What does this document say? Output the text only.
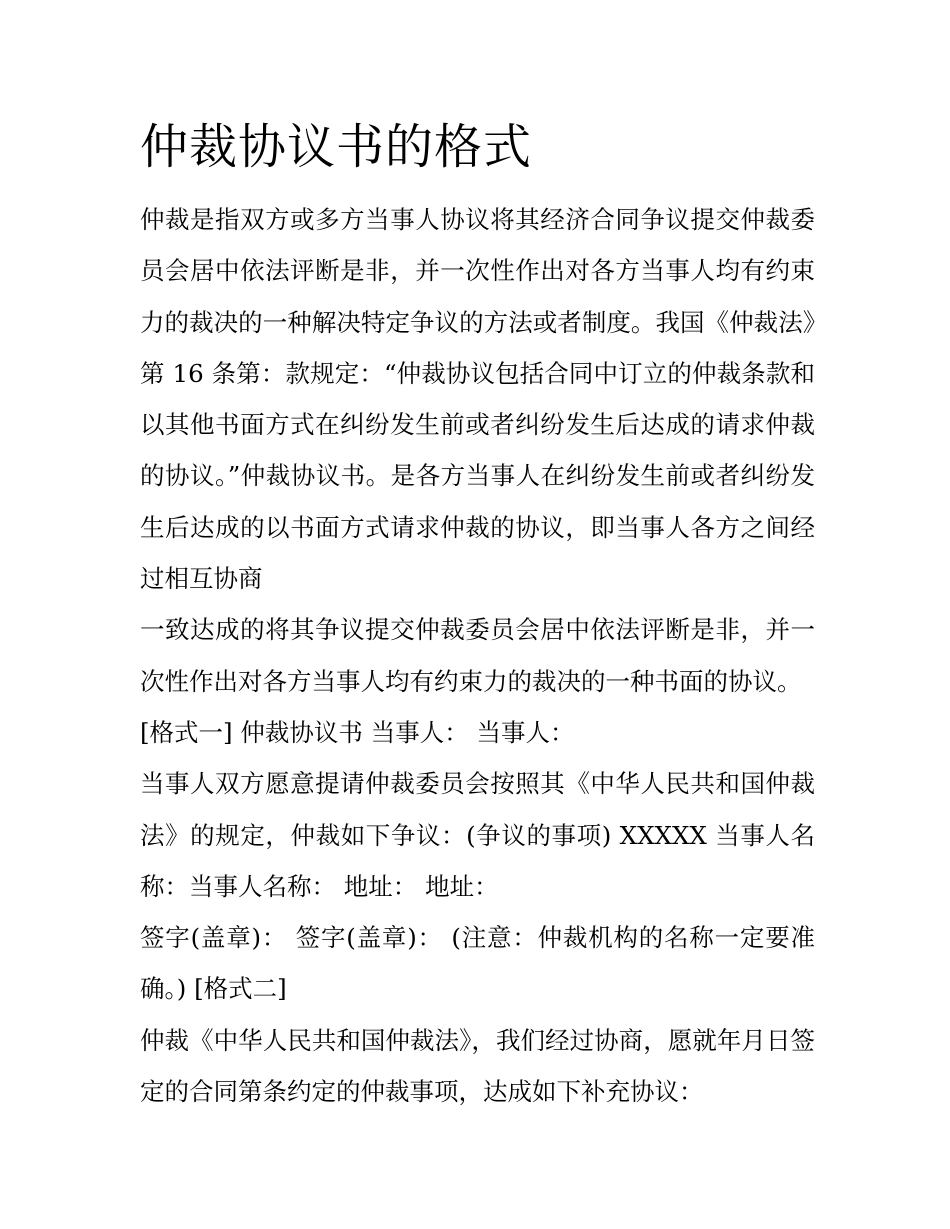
仲裁协议书的格式

仲裁是指双方或多方当事人协议将其经济合同争议提交仲裁委员会居中依法评断是非，并一次性作出对各方当事人均有约束力的裁决的一种解决特定争议的方法或者制度。我国《仲裁法》第 16 条第：款规定：“仲裁协议包括合同中订立的仲裁条款和以其他书面方式在纠纷发生前或者纠纷发生后达成的请求仲裁的协议。”仲裁协议书。是各方当事人在纠纷发生前或者纠纷发生后达成的以书面方式请求仲裁的协议，即当事人各方之间经过相互协商

一致达成的将其争议提交仲裁委员会居中依法评断是非，并一次性作出对各方当事人均有约束力的裁决的一种书面的协议。

[格式一] 仲裁协议书 当事人： 当事人：

当事人双方愿意提请仲裁委员会按照其《中华人民共和国仲裁法》的规定，仲裁如下争议：(争议的事项) XXXXX 当事人名称：当事人名称： 地址： 地址：

签字(盖章)： 签字(盖章)： (注意：仲裁机构的名称一定要准确。) [格式二]

仲裁《中华人民共和国仲裁法》，我们经过协商，愿就年月日签定的合同第条约定的仲裁事项，达成如下补充协议：
